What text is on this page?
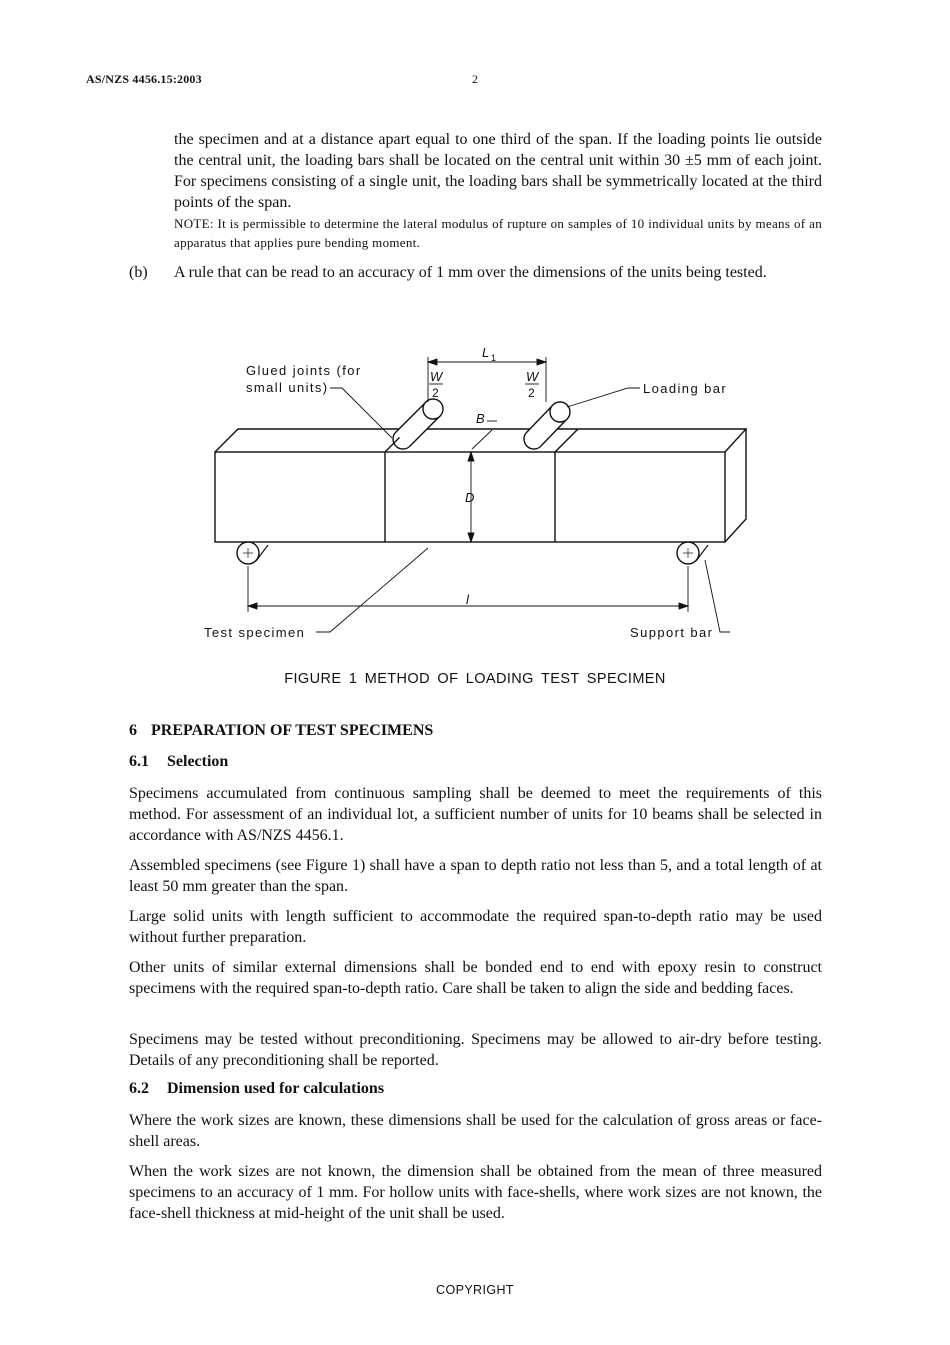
AS/NZS 4456.15:2003	2

the specimen and at a distance apart equal to one third of the span. If the loading points lie outside the central unit, the loading bars shall be located on the central unit within 30 ±5 mm of each joint. For specimens consisting of a single unit, the loading bars shall be symmetrically located at the third points of the span.

NOTE: It is permissible to determine the lateral modulus of rupture on samples of 10 individual units by means of an apparatus that applies pure bending moment.

(b) A rule that can be read to an accuracy of 1 mm over the dimensions of the units being tested.

Glued joints (for
small units)	Loading bar
Test specimen	Support bar
L 1
W
2
W
2
B
D
l
FIGURE 1 METHOD OF LOADING TEST SPECIMEN
6 PREPARATION OF TEST SPECIMENS
6.1 Selection

Specimens accumulated from continuous sampling shall be deemed to meet the requirements of this method. For assessment of an individual lot, a sufficient number of units for 10 beams shall be selected in accordance with AS/NZS 4456.1.

Assembled specimens (see Figure 1) shall have a span to depth ratio not less than 5, and a total length of at least 50 mm greater than the span.

Large solid units with length sufficient to accommodate the required span-to-depth ratio may be used without further preparation.

Other units of similar external dimensions shall be bonded end to end with epoxy resin to construct specimens with the required span-to-depth ratio. Care shall be taken to align the side and bedding faces.

Specimens may be tested without preconditioning. Specimens may be allowed to air-dry before testing. Details of any preconditioning shall be reported.

6.2 Dimension used for calculations

Where the work sizes are known, these dimensions shall be used for the calculation of gross areas or face-shell areas.

When the work sizes are not known, the dimension shall be obtained from the mean of three measured specimens to an accuracy of 1 mm. For hollow units with face-shells, where work sizes are not known, the face-shell thickness at mid-height of the unit shall be used.

COPYRIGHT
